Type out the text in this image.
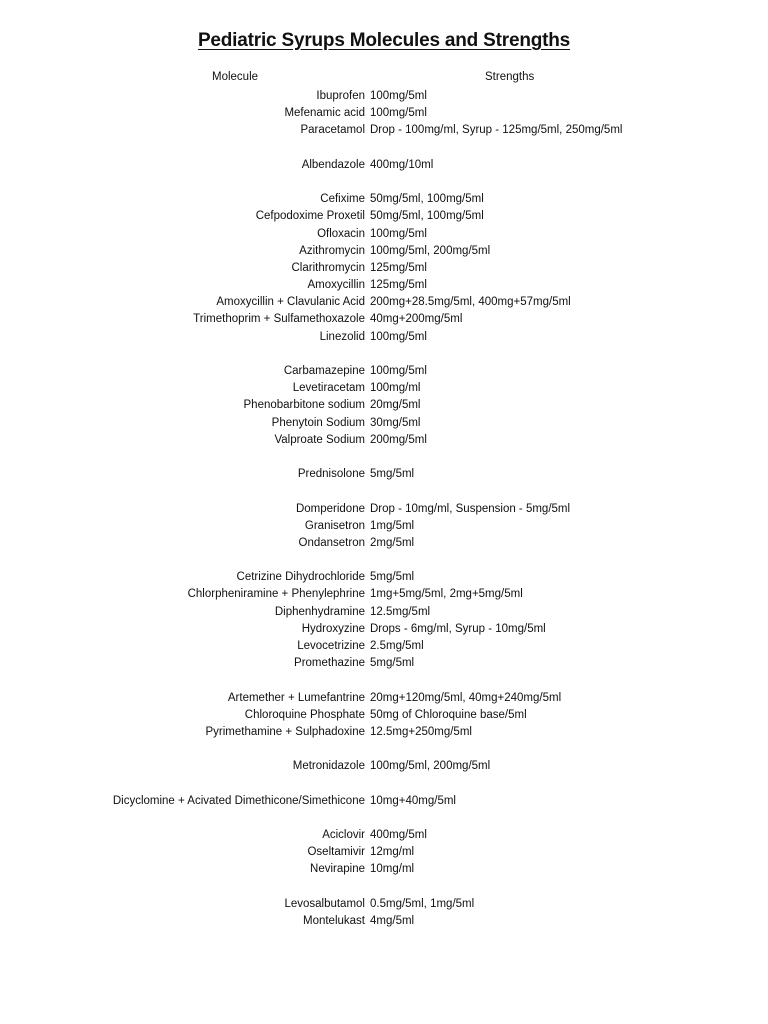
Pediatric Syrups Molecules and Strengths
Molecule	Strengths
Ibuprofen 100mg/5ml
Mefenamic acid 100mg/5ml
Paracetamol Drop - 100mg/ml, Syrup - 125mg/5ml, 250mg/5ml
Albendazole 400mg/10ml
Cefixime 50mg/5ml, 100mg/5ml
Cefpodoxime Proxetil 50mg/5ml, 100mg/5ml
Ofloxacin 100mg/5ml
Azithromycin 100mg/5ml, 200mg/5ml
Clarithromycin 125mg/5ml
Amoxycillin 125mg/5ml
Amoxycillin + Clavulanic Acid 200mg+28.5mg/5ml, 400mg+57mg/5ml
Trimethoprim + Sulfamethoxazole 40mg+200mg/5ml
Linezolid 100mg/5ml
Carbamazepine 100mg/5ml
Levetiracetam 100mg/ml
Phenobarbitone sodium 20mg/5ml
Phenytoin Sodium 30mg/5ml
Valproate Sodium 200mg/5ml
Prednisolone 5mg/5ml
Domperidone Drop - 10mg/ml, Suspension - 5mg/5ml
Granisetron 1mg/5ml
Ondansetron 2mg/5ml
Cetrizine Dihydrochloride 5mg/5ml
Chlorpheniramine + Phenylephrine 1mg+5mg/5ml, 2mg+5mg/5ml
Diphenhydramine 12.5mg/5ml
Hydroxyzine Drops - 6mg/ml, Syrup - 10mg/5ml
Levocetrizine 2.5mg/5ml
Promethazine 5mg/5ml
Artemether + Lumefantrine 20mg+120mg/5ml, 40mg+240mg/5ml
Chloroquine Phosphate 50mg of Chloroquine base/5ml
Pyrimethamine + Sulphadoxine 12.5mg+250mg/5ml
Metronidazole 100mg/5ml, 200mg/5ml
Dicyclomine + Acivated Dimethicone/Simethicone 10mg+40mg/5ml
Aciclovir 400mg/5ml
Oseltamivir 12mg/ml
Nevirapine 10mg/ml
Levosalbutamol 0.5mg/5ml, 1mg/5ml
Montelukast 4mg/5ml
